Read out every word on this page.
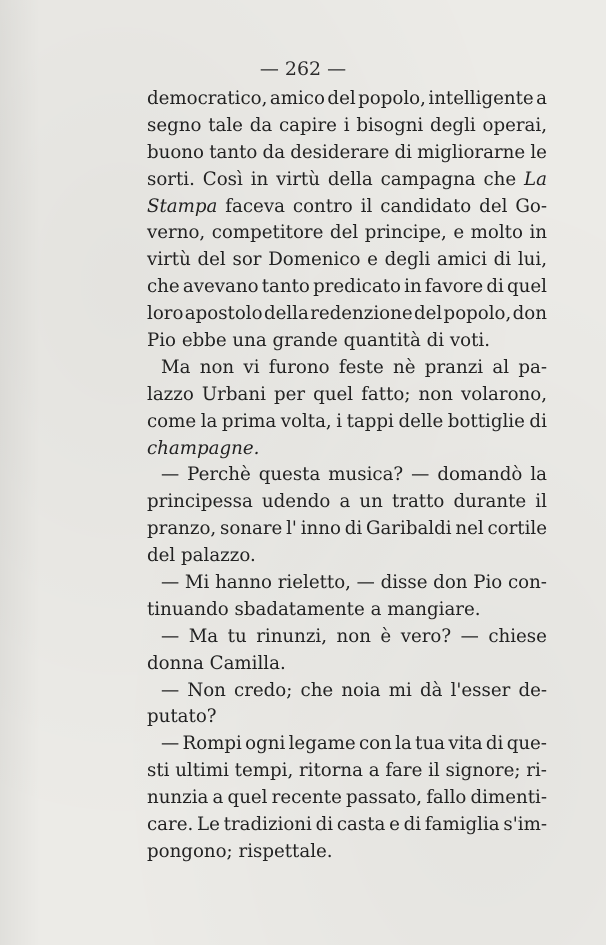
— 262 —
democratico, amico del popolo, intelligente a
segno tale da capire i bisogni degli operai,
buono tanto da desiderare di migliorarne le
sorti. Così in virtù della campagna che La
Stampa faceva contro il candidato del Go-
verno, competitore del principe, e molto in
virtù del sor Domenico e degli amici di lui,
che avevano tanto predicato in favore di quel
loro apostolo della redenzione del popolo, don
Pio
ebbe
una
grande
quantità
di
voti.
Ma non vi furono feste nè pranzi al pa-
lazzo Urbani per quel fatto; non volarono,
come la prima volta, i tappi delle bottiglie di
champagne.
— Perchè questa musica? — domandò la
principessa udendo a un tratto durante il
pranzo, sonare l' inno di Garibaldi nel cortile
del
palazzo.
— Mi hanno rieletto, — disse don Pio con-
tinuando
sbadatamente
a
mangiare.
— Ma tu rinunzi, non è vero? — chiese
donna
Camilla.
— Non credo; che noia mi dà l'esser de-
putato?
— Rompi ogni legame con la tua vita di que-
sti ultimi tempi, ritorna a fare il signore; ri-
nunzia a quel recente passato, fallo dimenti-
care. Le tradizioni di casta e di famiglia s'im-
pongono;
rispettale.
